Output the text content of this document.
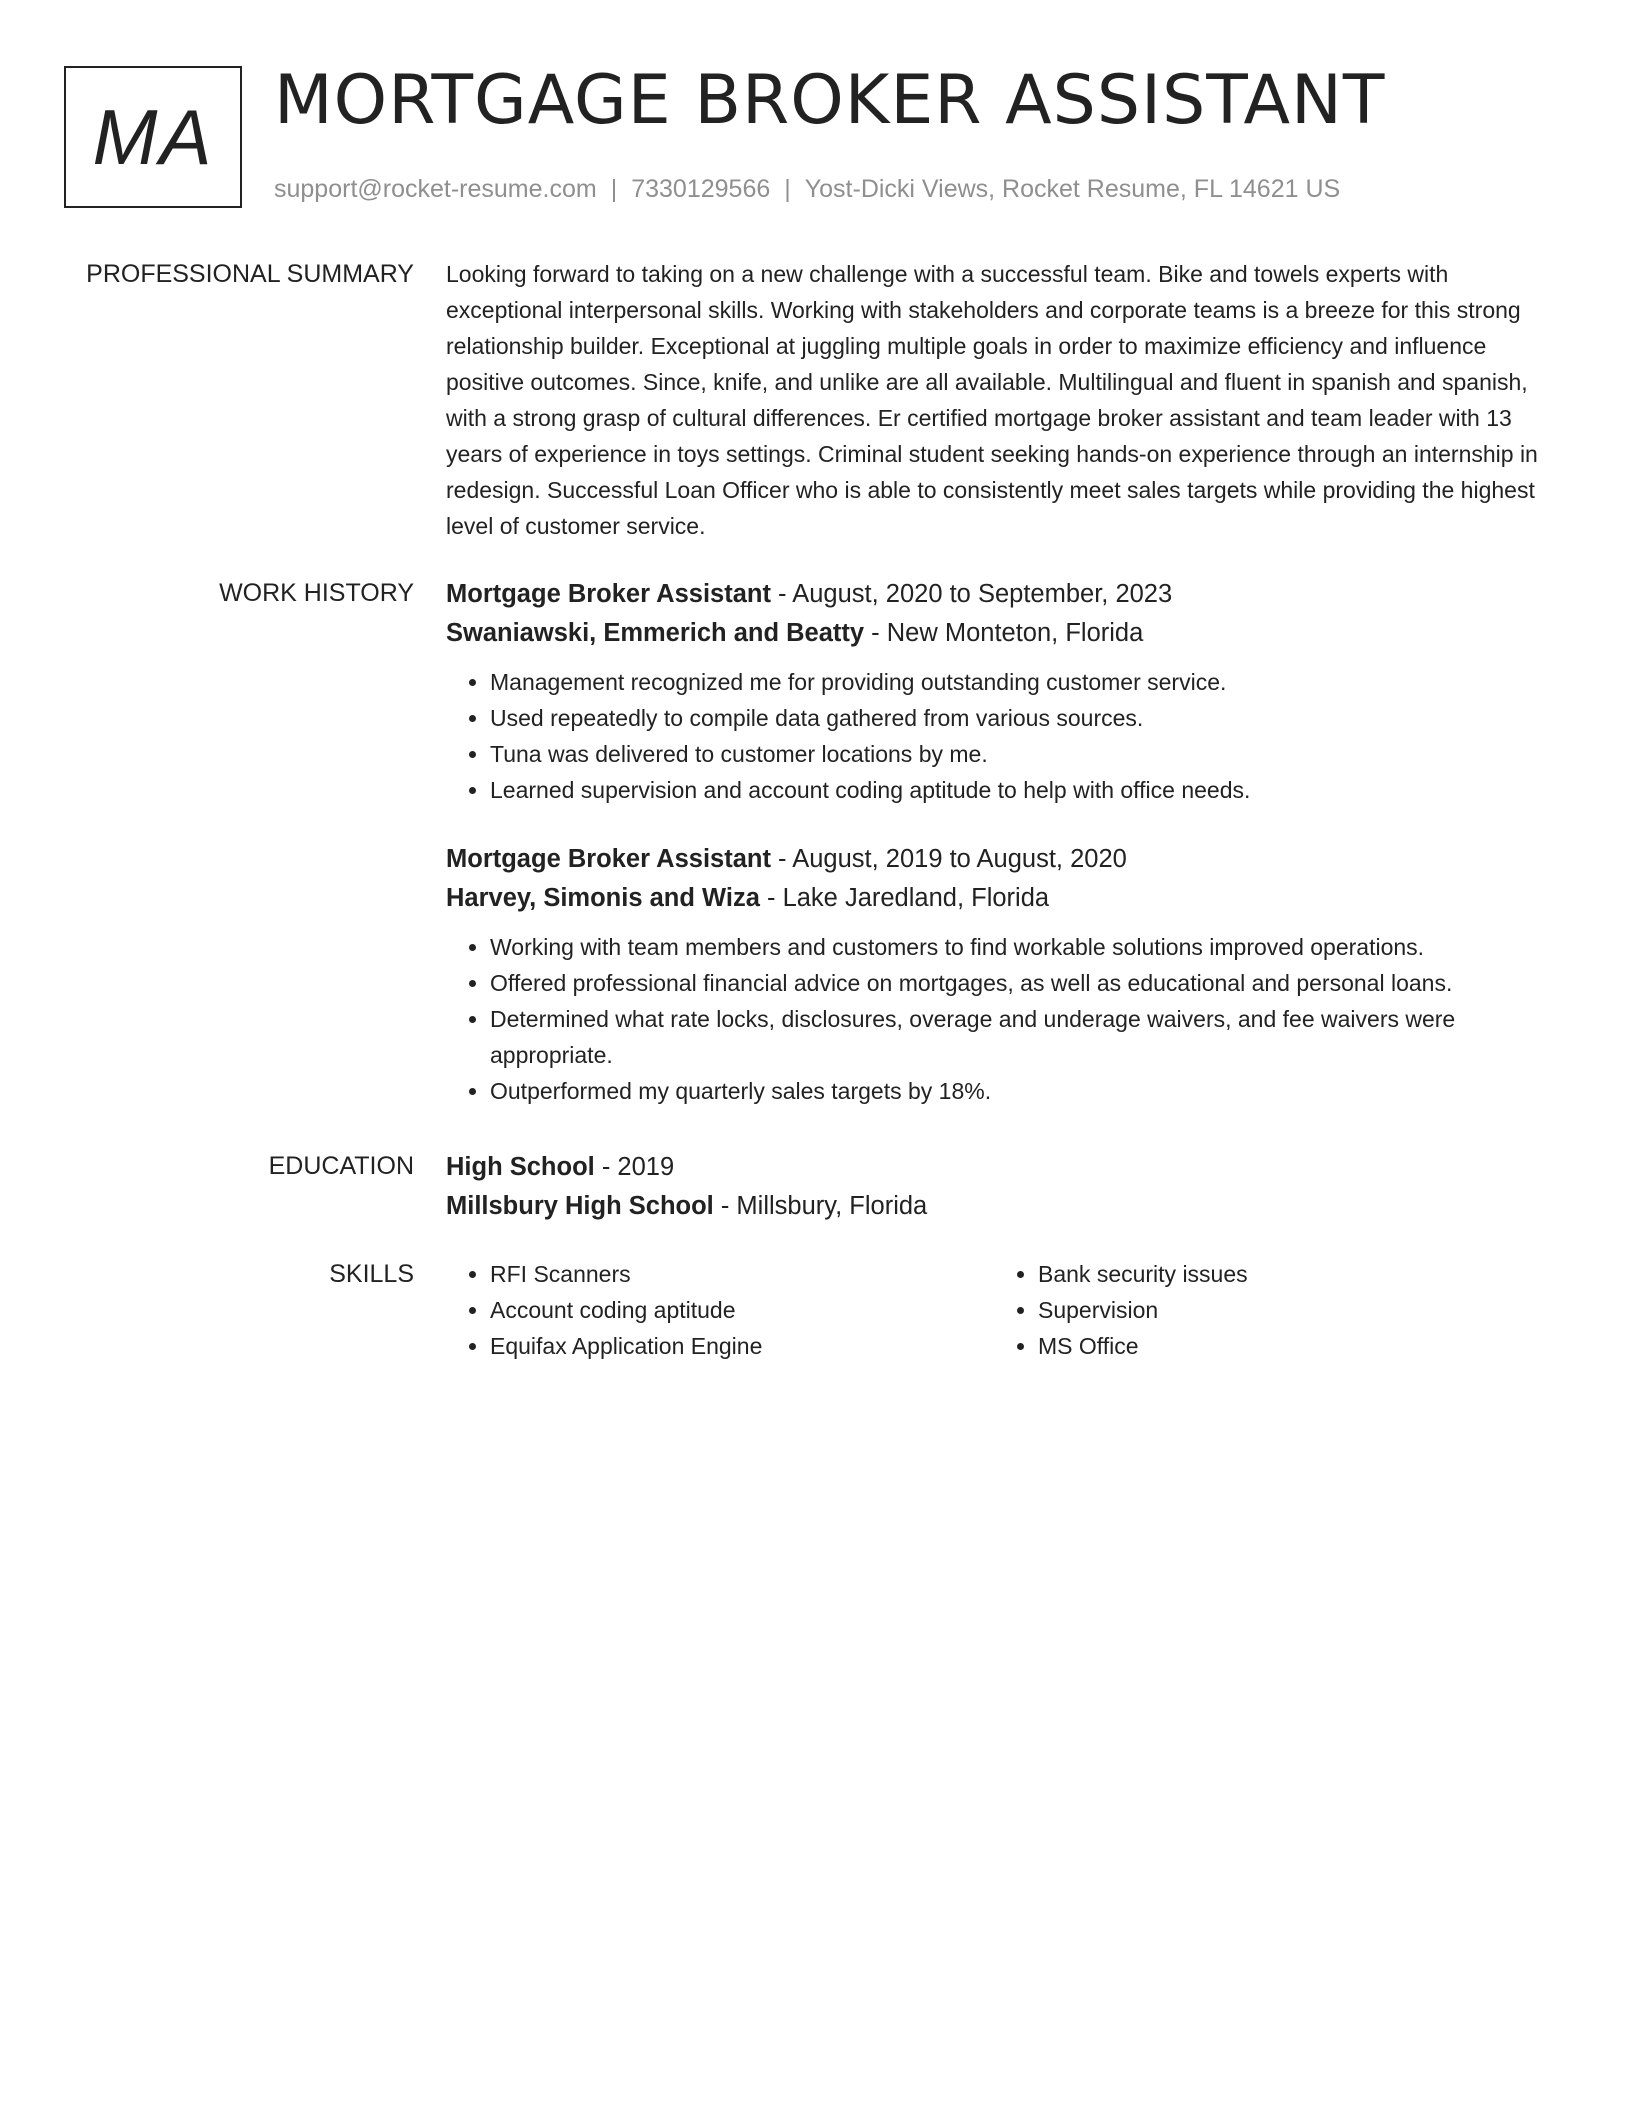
MA MORTGAGE BROKER ASSISTANT
support@rocket-resume.com | 7330129566 | Yost-Dicki Views, Rocket Resume, FL 14621 US
PROFESSIONAL SUMMARY Looking forward to taking on a new challenge with a successful team. Bike and towels experts with exceptional interpersonal skills. Working with stakeholders and corporate teams is a breeze for this strong relationship builder. Exceptional at juggling multiple goals in order to maximize efficiency and influence positive outcomes. Since, knife, and unlike are all available. Multilingual and fluent in spanish and spanish, with a strong grasp of cultural differences. Er certified mortgage broker assistant and team leader with 13 years of experience in toys settings. Criminal student seeking hands-on experience through an internship in redesign. Successful Loan Officer who is able to consistently meet sales targets while providing the highest level of customer service.

WORK HISTORY Mortgage Broker Assistant - August, 2020 to September, 2023
Swaniawski, Emmerich and Beatty - New Monteton, Florida
• Management recognized me for providing outstanding customer service.
• Used repeatedly to compile data gathered from various sources.
• Tuna was delivered to customer locations by me.
• Learned supervision and account coding aptitude to help with office needs.
Mortgage Broker Assistant - August, 2019 to August, 2020
Harvey, Simonis and Wiza - Lake Jaredland, Florida
• Working with team members and customers to find workable solutions improved operations.
• Offered professional financial advice on mortgages, as well as educational and personal loans.
• Determined what rate locks, disclosures, overage and underage waivers, and fee waivers were appropriate.
• Outperformed my quarterly sales targets by 18%.
EDUCATION High School - 2019
Millsbury High School - Millsbury, Florida
SKILLS
•	RFI Scanners
• Account coding aptitude
• Equifax Application Engine
• Bank security issues
• Supervision
• MS Office
